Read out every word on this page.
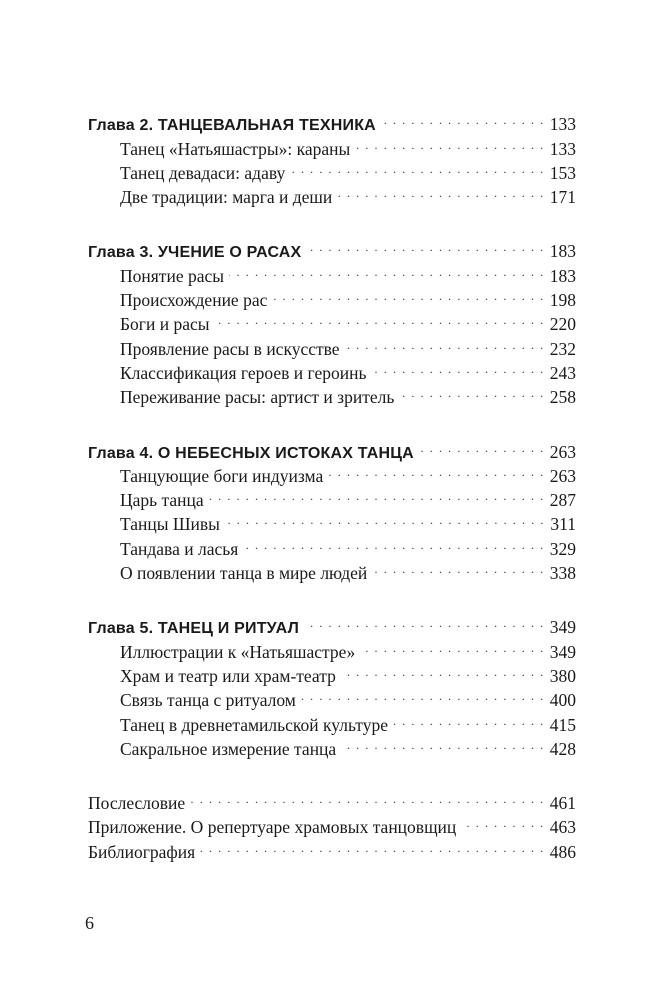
Глава 2. ТАНЦЕВАЛЬНАЯ ТЕХНИКА . . .	133
Танец «Натьяшастры»: караны . . .	133
Танец девадаси: адаву . . .	153
Две традиции: марга и деши . . .	171
Глава 3. УЧЕНИЕ О РАСАХ . . .	183
Понятие расы . . .	183
Происхождение рас . . .	198
Боги и расы . . .	220
Проявление расы в искусстве . . .	232
Классификация героев и героинь . . .	243
Переживание расы: артист и зритель . . .	258
Глава 4. О НЕБЕСНЫХ ИСТОКАХ ТАНЦА . . .	263
Танцующие боги индуизма . . .	263
Царь танца . . .	287
Танцы Шивы . . .	311
Тандава и ласья . . .	329
О появлении танца в мире людей . . .	338
Глава 5. ТАНЕЦ И РИТУАЛ . . .	349
Иллюстрации к «Натьяшастре» . . .	349
Храм и театр или храм-театр . . .	380
Связь танца с ритуалом . . .	400
Танец в древнетамильской культуре . . .	415
Сакральное измерение танца . . .	428
Послесловие . . .	461
Приложение. О репертуаре храмовых танцовщиц . . .	463
Библиография . . .	486
6
